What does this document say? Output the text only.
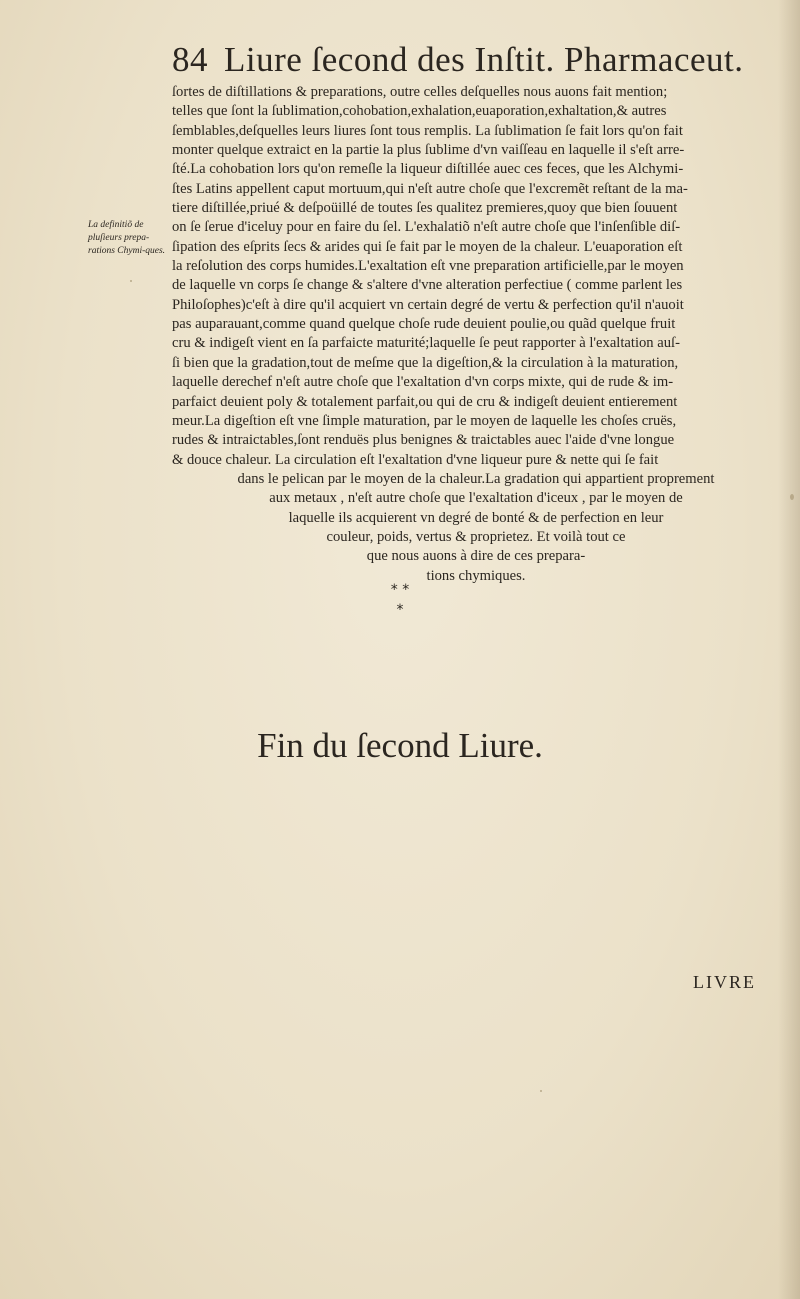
84 Liure ſecond des Inſtit. Pharmaceut.
La definitiõ de pluſieurs prepa-rations Chymi-ques.
ſortes de diſtillations & preparations, outre celles deſquelles nous auons fait mention;
telles que ſont la ſublimation,cohobation,exhalation,euaporation,exhaltation,& autres
ſemblables,deſquelles leurs liures ſont tous remplis. La ſublimation ſe fait lors qu'on fait
monter quelque extraict en la partie la plus ſublime d'vn vaiſſeau en laquelle il s'eſt arre-
ſté.La cohobation lors qu'on remeſle la liqueur diſtillée auec ces feces, que les Alchymi-
ſtes Latins appellent caput mortuum,qui n'eſt autre choſe que l'excremẽt reſtant de la ma-
tiere diſtillée,priué & deſpoüillé de toutes ſes qualitez premieres,quoy que bien ſouuent
on ſe ſerue d'iceluy pour en faire du ſel. L'exhalatiõ n'eſt autre choſe que l'inſenſible diſ-
ſipation des eſprits ſecs & arides qui ſe fait par le moyen de la chaleur. L'euaporation eſt
la reſolution des corps humides.L'exaltation eſt vne preparation artificielle,par le moyen
de laquelle vn corps ſe change & s'altere d'vne alteration perfectiue ( comme parlent les
Philoſophes)c'eſt à dire qu'il acquiert vn certain degré de vertu & perfection qu'il n'auoit
pas auparauant,comme quand quelque choſe rude deuient poulie,ou quãd quelque fruit
cru & indigeſt vient en ſa parfaicte maturité;laquelle ſe peut rapporter à l'exaltation auſ-
ſi bien que la gradation,tout de meſme que la digeſtion,& la circulation à la maturation,
laquelle derechef n'eſt autre choſe que l'exaltation d'vn corps mixte, qui de rude & im-
parfaict deuient poly & totalement parfait,ou qui de cru & indigeſt deuient entierement
meur.La digeſtion eſt vne ſimple maturation, par le moyen de laquelle les choſes cruës,
rudes & intraictables,ſont renduës plus benignes & traictables auec l'aide d'vne longue
& douce chaleur. La circulation eſt l'exaltation d'vne liqueur pure & nette qui ſe fait
dans le pelican par le moyen de la chaleur.La gradation qui appartient proprement
aux metaux , n'eſt autre choſe que l'exaltation d'iceux , par le moyen de
laquelle ils acquierent vn degré de bonté & de perfection en leur
couleur, poids, vertus & proprietez. Et voilà tout ce
que nous auons à dire de ces prepara-
tions chymiques.
* *
*
Fin du ſecond Liure.
LIVRE
